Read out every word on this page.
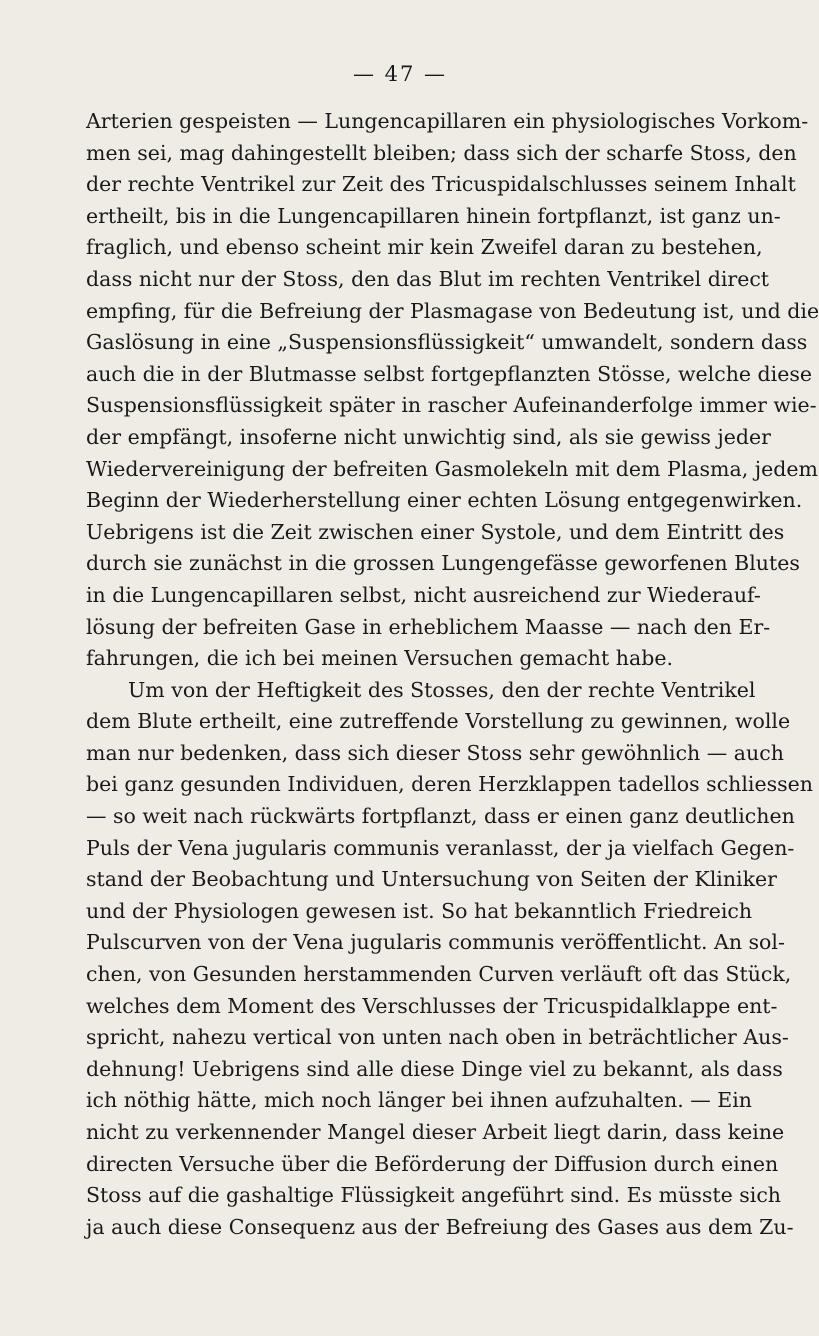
— 47 —
Arterien gespeisten — Lungencapillaren ein physiologisches Vorkom-
men sei, mag dahingestellt bleiben; dass sich der scharfe Stoss, den
der rechte Ventrikel zur Zeit des Tricuspidalschlusses seinem Inhalt
ertheilt, bis in die Lungencapillaren hinein fortpflanzt, ist ganz un-
fraglich, und ebenso scheint mir kein Zweifel daran zu bestehen,
dass nicht nur der Stoss, den das Blut im rechten Ventrikel direct
empfing, für die Befreiung der Plasmagase von Bedeutung ist, und die
Gaslösung in eine „Suspensionsflüssigkeit“ umwandelt, sondern dass
auch die in der Blutmasse selbst fortgepflanzten Stösse, welche diese
Suspensionsflüssigkeit später in rascher Aufeinanderfolge immer wie-
der empfängt, insoferne nicht unwichtig sind, als sie gewiss jeder
Wiedervereinigung der befreiten Gasmolekeln mit dem Plasma, jedem
Beginn der Wiederherstellung einer echten Lösung entgegenwirken.
Uebrigens ist die Zeit zwischen einer Systole, und dem Eintritt des
durch sie zunächst in die grossen Lungengefässe geworfenen Blutes
in die Lungencapillaren selbst, nicht ausreichend zur Wiederauf-
lösung der befreiten Gase in erheblichem Maasse — nach den Er-
fahrungen, die ich bei meinen Versuchen gemacht habe.
Um von der Heftigkeit des Stosses, den der rechte Ventrikel
dem Blute ertheilt, eine zutreffende Vorstellung zu gewinnen, wolle
man nur bedenken, dass sich dieser Stoss sehr gewöhnlich — auch
bei ganz gesunden Individuen, deren Herzklappen tadellos schliessen
— so weit nach rückwärts fortpflanzt, dass er einen ganz deutlichen
Puls der Vena jugularis communis veranlasst, der ja vielfach Gegen-
stand der Beobachtung und Untersuchung von Seiten der Kliniker
und der Physiologen gewesen ist. So hat bekanntlich Friedreich
Pulscurven von der Vena jugularis communis veröffentlicht. An sol-
chen, von Gesunden herstammenden Curven verläuft oft das Stück,
welches dem Moment des Verschlusses der Tricuspidalklappe ent-
spricht, nahezu vertical von unten nach oben in beträchtlicher Aus-
dehnung! Uebrigens sind alle diese Dinge viel zu bekannt, als dass
ich nöthig hätte, mich noch länger bei ihnen aufzuhalten. — Ein
nicht zu verkennender Mangel dieser Arbeit liegt darin, dass keine
directen Versuche über die Beförderung der Diffusion durch einen
Stoss auf die gashaltige Flüssigkeit angeführt sind. Es müsste sich
ja auch diese Consequenz aus der Befreiung des Gases aus dem Zu-
